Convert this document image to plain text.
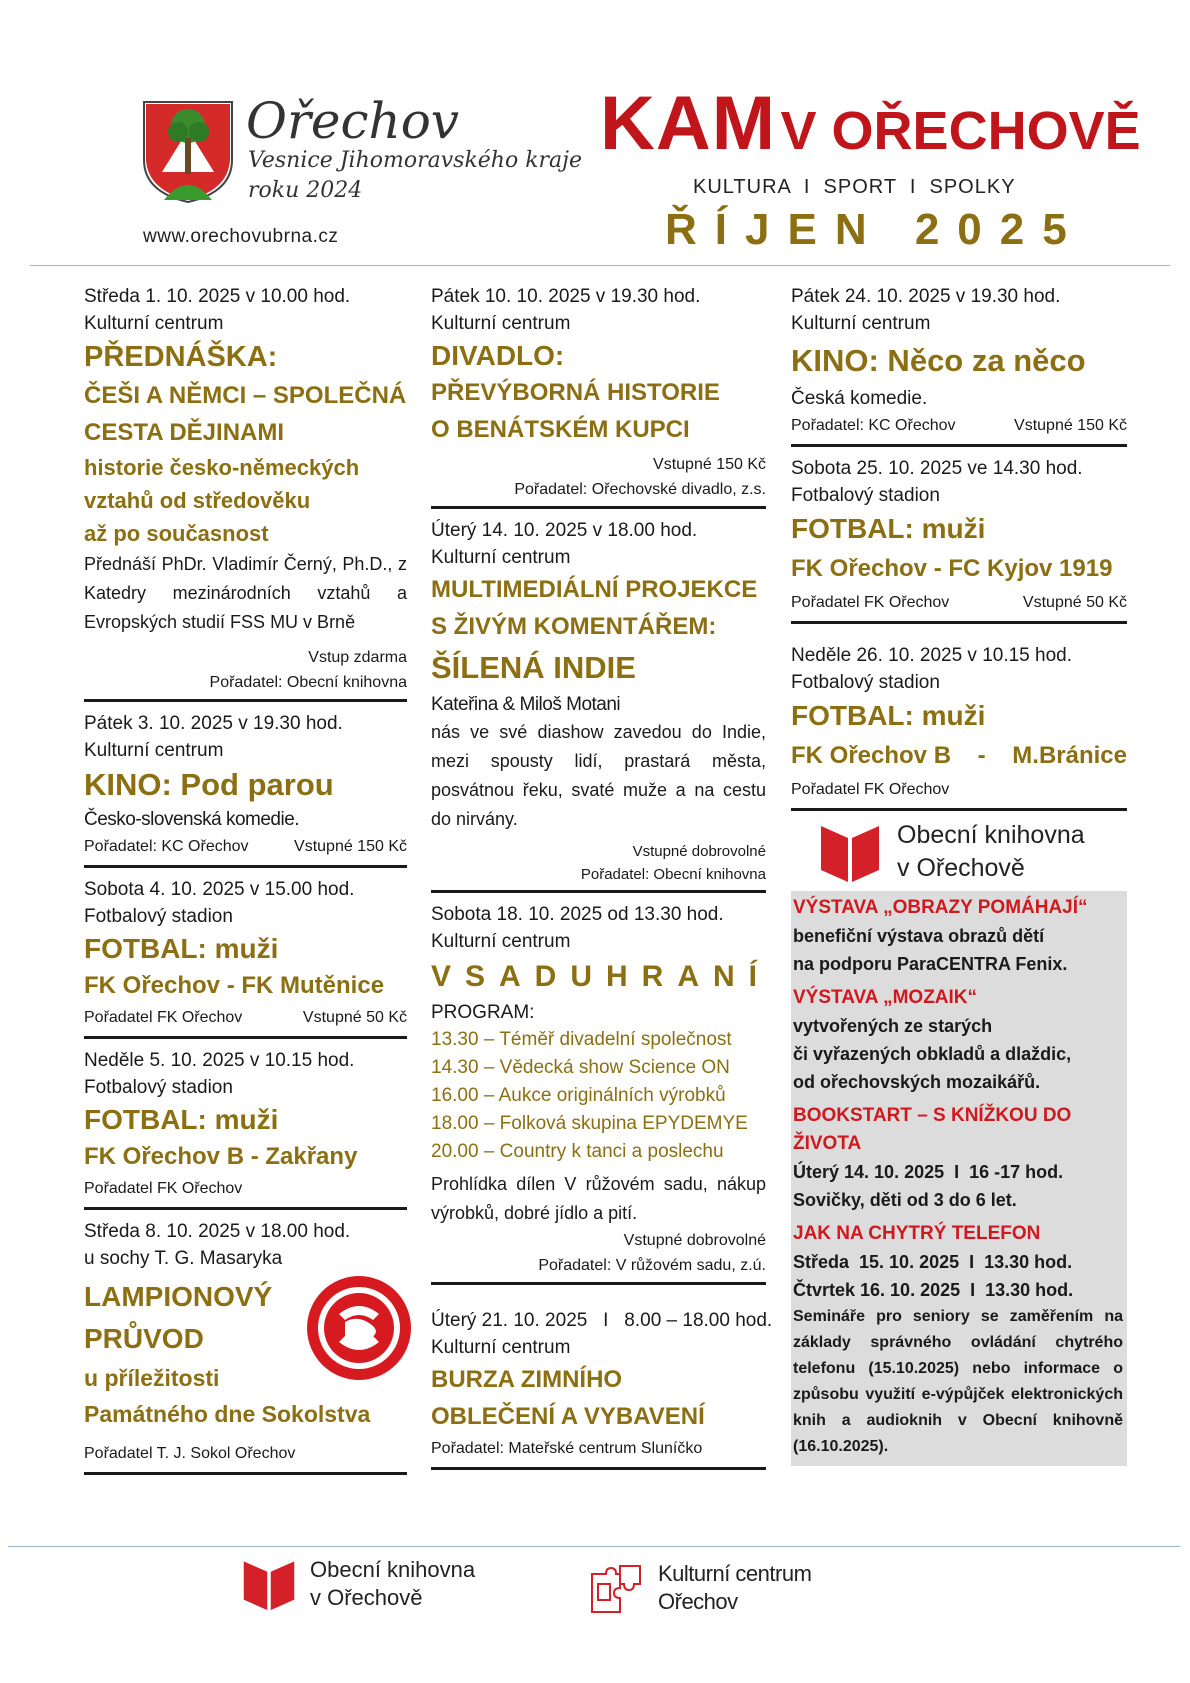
Ořechov
Vesnice Jihomoravského kraje
roku 2024
www.orechovubrna.cz
KAM V OŘECHOVĚ
KULTURA  I  SPORT  I  SPOLKY
ŘÍJEN 2025
Středa 1. 10. 2025 v 10.00 hod.
Kulturní centrum
PŘEDNÁŠKA:
ČEŠI A NĚMCI – SPOLEČNÁ
CESTA DĚJINAMI
historie česko-německých
vztahů od středověku
až po současnost
Přednáší PhDr. Vladimír Černý, Ph.D., z Katedry mezinárodních vztahů a Evropských studií FSS MU v Brně
Vstup zdarma
Pořadatel: Obecní knihovna
Pátek 3. 10. 2025 v 19.30 hod.
Kulturní centrum
KINO: Pod parou
Česko-slovenská komedie.
Pořadatel: KC Ořechov	Vstupné 150 Kč
Sobota 4. 10. 2025 v 15.00 hod.
Fotbalový stadion
FOTBAL: muži
FK Ořechov - FK Mutěnice
Pořadatel FK Ořechov	Vstupné 50 Kč
Neděle 5. 10. 2025 v 10.15 hod.
Fotbalový stadion
FOTBAL: muži
FK Ořechov B - Zakřany
Pořadatel FK Ořechov
Středa 8. 10. 2025 v 18.00 hod.
u sochy T. G. Masaryka
LAMPIONOVÝ
PRŮVOD
u příležitosti
Památného dne Sokolstva
Pořadatel T. J. Sokol Ořechov
Pátek 10. 10. 2025 v 19.30 hod.
Kulturní centrum
DIVADLO:
PŘEVÝBORNÁ HISTORIE
O BENÁTSKÉM KUPCI
Vstupné 150 Kč
Pořadatel: Ořechovské divadlo, z.s.
Úterý 14. 10. 2025 v 18.00 hod.
Kulturní centrum
MULTIMEDIÁLNÍ PROJEKCE
S ŽIVÝM KOMENTÁŘEM:
ŠÍLENÁ INDIE
Kateřina & Miloš Motani
nás ve své diashow zavedou do Indie, mezi spousty lidí, prastará města, posvátnou řeku, svaté muže a na cestu do nirvány.
Vstupné dobrovolné
Pořadatel: Obecní knihovna
Sobota 18. 10. 2025 od 13.30 hod.
Kulturní centrum
VSADUHRANÍ
PROGRAM:
13.30 – Téměř divadelní společnost
14.30 – Vědecká show Science ON
16.00 – Aukce originálních výrobků
18.00 – Folková skupina EPYDEMYE
20.00 – Country k tanci a poslechu
Prohlídka dílen V růžovém sadu, nákup výrobků, dobré jídlo a pití.
Vstupné dobrovolné
Pořadatel: V růžovém sadu, z.ú.
Úterý 21. 10. 2025   I   8.00 – 18.00 hod.
Kulturní centrum
BURZA ZIMNÍHO
OBLEČENÍ A VYBAVENÍ
Pořadatel: Mateřské centrum Sluníčko
Pátek 24. 10. 2025 v 19.30 hod.
Kulturní centrum
KINO: Něco za něco
Česká komedie.
Pořadatel: KC Ořechov	Vstupné 150 Kč
Sobota 25. 10. 2025 ve 14.30 hod.
Fotbalový stadion
FOTBAL: muži
FK Ořechov - FC Kyjov 1919
Pořadatel FK Ořechov	Vstupné 50 Kč
Neděle 26. 10. 2025 v 10.15 hod.
Fotbalový stadion
FOTBAL: muži
FK Ořechov B - M.Bránice
Pořadatel FK Ořechov
Obecní knihovna
v Ořechově
VÝSTAVA „OBRAZY POMÁHAJÍ“
benefiční výstava obrazů dětí
na podporu ParaCENTRA Fenix.
VÝSTAVA „MOZAIK“
vytvořených ze starých
či vyřazených obkladů a dlaždic,
od ořechovských mozaikářů.
BOOKSTART – S KNÍŽKOU DO ŽIVOTA
Úterý 14. 10. 2025  I  16 -17 hod.
Sovičky, děti od 3 do 6 let.
JAK NA CHYTRÝ TELEFON
Středa  15. 10. 2025  I  13.30 hod.
Čtvrtek 16. 10. 2025  I  13.30 hod.
Semináře pro seniory se zaměřením na základy správného ovládání chytrého telefonu (15.10.2025) nebo informace o způsobu využití e-výpůjček elektronických knih a audioknih v Obecní knihovně (16.10.2025).
Obecní knihovna
v Ořechově
Kulturní centrum
Ořechov
